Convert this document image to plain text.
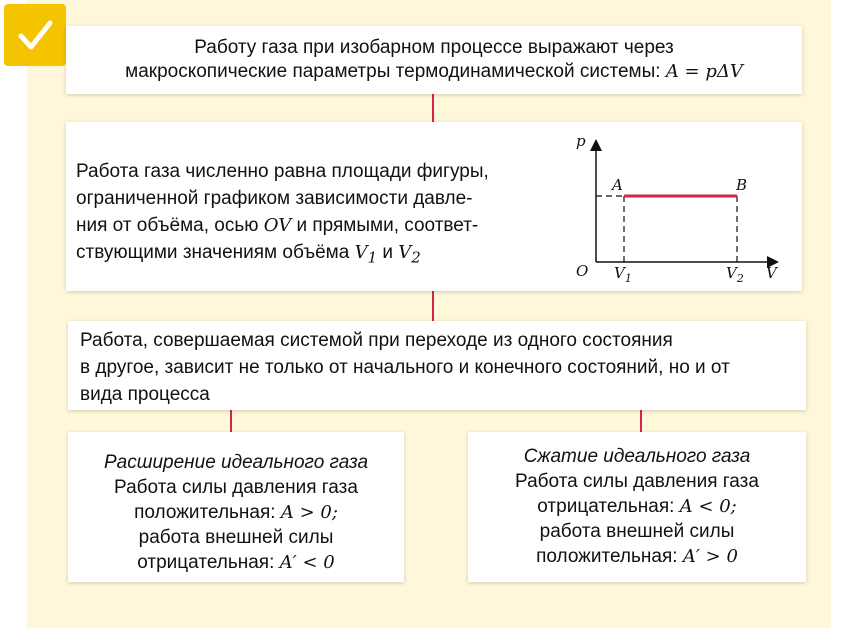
Работу газа при изобарном процессе выражают через
макроскопические параметры термодинамической системы: A = pΔV
Работа газа численно равна площади фигуры,
ограниченной графиком зависимости давле-
ния от объёма, осью OV и прямыми, соответ-
ствующими значениям объёма $V_1$ и $V_2$
p
V
O
A	B
$V_1$	$V_2$
Работа, совершаемая системой при переходе из одного состояния
в другое, зависит не только от начального и конечного состояний, но и от
вида процесса
Расширение идеального газа
Работа силы давления газа
положительная: A > 0;
работа внешней силы
отрицательная: A′ < 0
Сжатие идеального газа
Работа силы давления газа
отрицательная: A < 0;
работа внешней силы
положительная: A′ > 0
